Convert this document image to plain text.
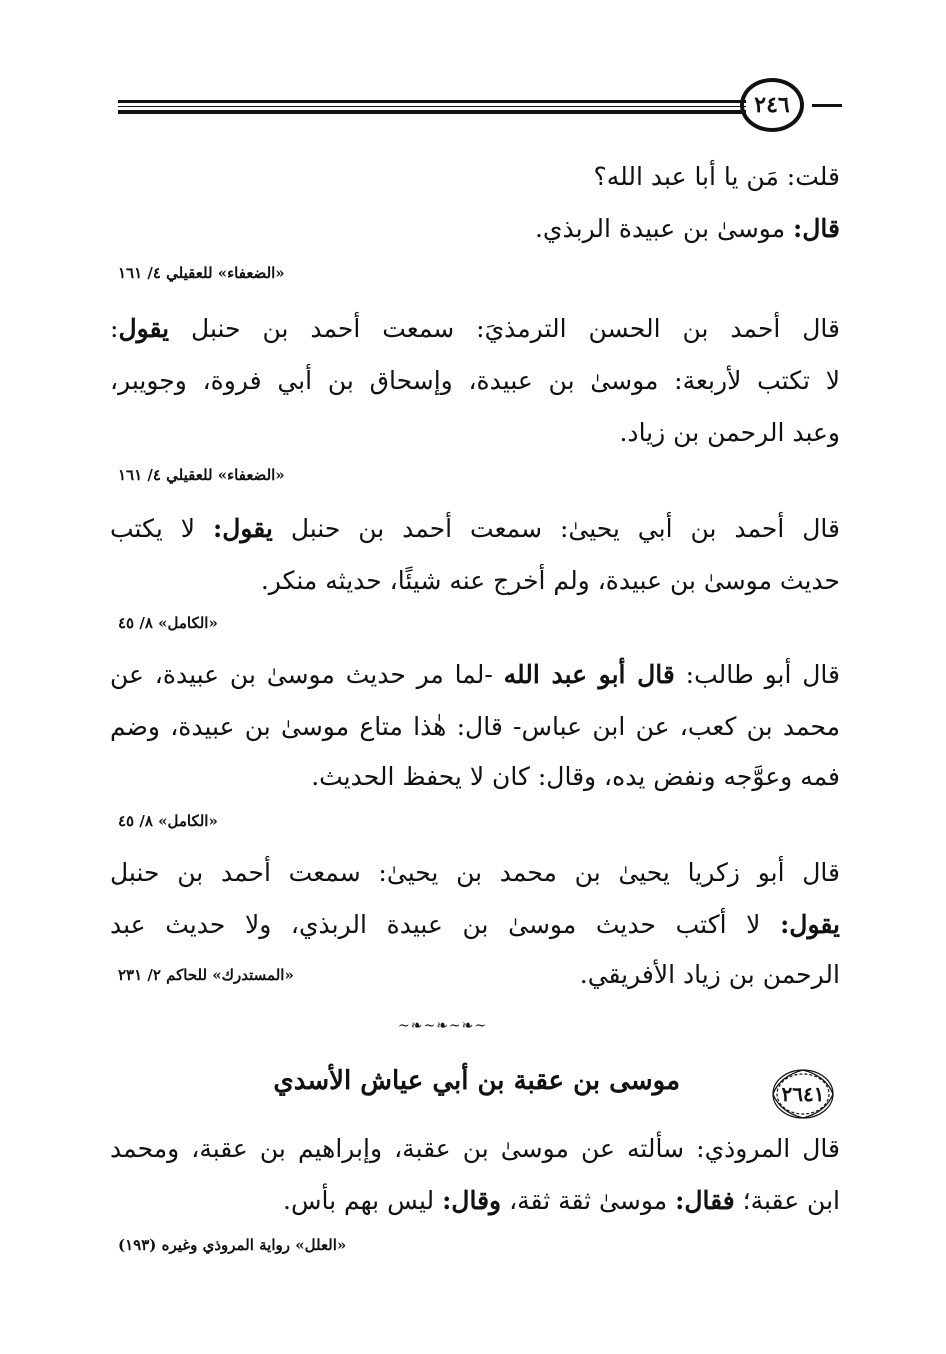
٢٤٦
قلت: مَن يا أبا عبد الله؟
قال: موسىٰ بن عبيدة الربذي.
«الضعفاء» للعقيلي ٤/ ١٦١
قال أحمد بن الحسن الترمذيَ: سمعت أحمد بن حنبل يقول:
لا تكتب لأربعة: موسىٰ بن عبيدة، وإسحاق بن أبي فروة، وجويبر،
وعبد الرحمن بن زياد.
«الضعفاء» للعقيلي ٤/ ١٦١
قال أحمد بن أبي يحيىٰ: سمعت أحمد بن حنبل يقول: لا يكتب
حديث موسىٰ بن عبيدة، ولم أخرج عنه شيئًا، حديثه منكر.
«الكامل» ٨/ ٤٥
قال أبو طالب: قال أبو عبد الله -لما مر حديث موسىٰ بن عبيدة، عن
محمد بن كعب، عن ابن عباس- قال: هٰذا متاع موسىٰ بن عبيدة، وضم
فمه وعوَّجه ونفض يده، وقال: كان لا يحفظ الحديث.
«الكامل» ٨/ ٤٥
قال أبو زكريا يحيىٰ بن محمد بن يحيىٰ: سمعت أحمد بن حنبل
يقول: لا أكتب حديث موسىٰ بن عبيدة الربذي، ولا حديث عبد
الرحمن بن زياد الأفريقي.
«المستدرك» للحاكم ٢/ ٢٣١
~❧~❧~❧~
٢٦٤١
موسى بن عقبة بن أبي عياش الأسدي
قال المروذي: سألته عن موسىٰ بن عقبة، وإبراهيم بن عقبة، ومحمد
ابن عقبة؛ فقال: موسىٰ ثقة ثقة، وقال: ليس بهم بأس.
«العلل» رواية المروذي وغيره (١٩٣)
